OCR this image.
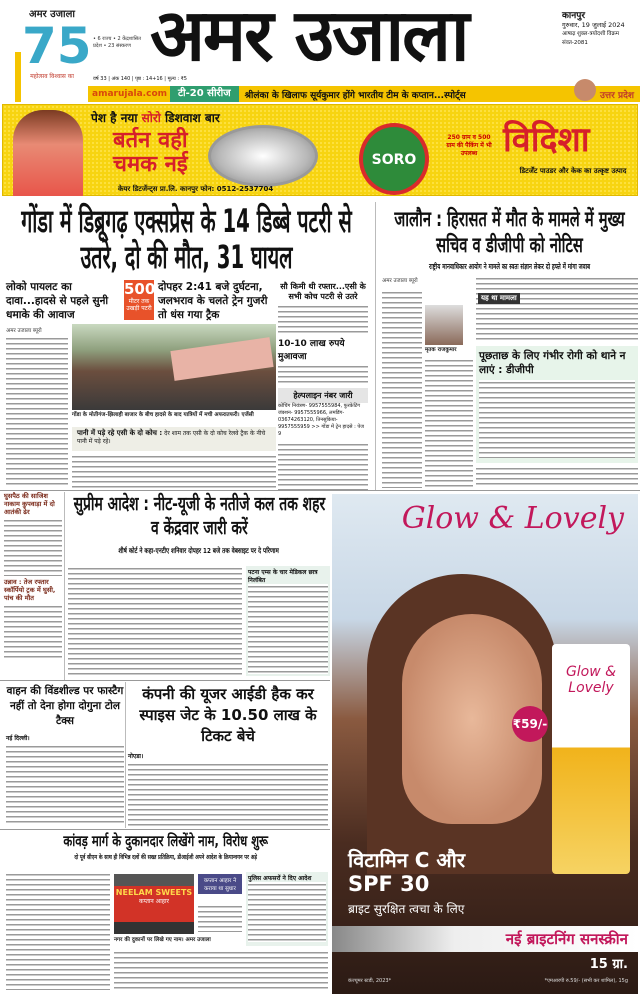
अमर उजाला
75
महोत्सव विश्वास का
• 6 राज्य • 2 केंद्रशासित प्रदेश • 23 संस्करण
वर्ष 33 | अंक 140 | पृष्ठ : 14+16 | मूल्य : ₹5
अमर उजाला	कानपुर
गुरुवार, 19 जुलाई 2024
आषाढ़ शुक्ल-त्रयोदशी विक्रम संवत-2081
amarujala.com	टी-20 सीरीज	श्रीलंका के खिलाफ सूर्यकुमार होंगे भारतीय टीम के कप्तान...स्पोर्ट्स	उत्तर प्रदेश
पेश है नया सोरो डिशवाश बार
बर्तन वही
चमक नई	SORO
250 ग्राम व 500 ग्राम की पैकिंग में भी उपलब्ध विदिशा
डिटर्जेंट पाउडर और केक का उत्कृष्ट उत्पाद
केयर डिटर्जेन्ट्स प्रा.लि. कानपुर फोन: 0512-2537704
गोंडा में डिब्रूगढ़ एक्सप्रेस के 14 डिब्बे पटरी से उतरे, दो की मौत, 31 घायल
लोको पायलट का दावा...हादसे से पहले सुनी धमाके की आवाज
500
मीटर तक उखड़ी पटरी
दोपहर 2:41 बजे दुर्घटना, जलभराव के चलते ट्रेन गुजरी तो धंस गया ट्रैक
अमर उजाला ब्यूरो
गोंडा के मोतीगंज-झिलाही बाजार के बीच हादसे के बाद यात्रियों में मची अफरातफरी। एजेंसी
पानी में पड़े रहे एसी के दो कोच : देर शाम तक एसी के दो कोच रेलवे ट्रैक के नीचे पानी में पड़े रहे।
सौ किमी थी रफ्तार...एसी के सभी कोच पटरी से उतरे
10-10 लाख रुपये मुआवजा
हेल्पलाइन नंबर जारी
कोचिंग नियंत्रण- 9957555984, फुरकेटिंग जंक्शन- 9957555966, लमडिंग- 03674263120, तिनसुकिया- 9957555959 >> गोंडा में ट्रेन हादसे : पेज 9
जालौन : हिरासत में मौत के मामले में मुख्य सचिव व डीजीपी को नोटिस
राष्ट्रीय मानवाधिकार आयोग ने मामले का स्वतः संज्ञान लेकर दो हफ्ते में मांगा जवाब
अमर उजाला ब्यूरो
मृतक राजकुमार
यह था मामला
पूछताछ के लिए गंभीर रोगी को थाने न लाएं : डीजीपी
घुसपैठ की साजिश नाकाम कुपवाड़ा में दो आतंकी ढेर
उन्नाव : तेज रफ्तार स्कॉर्पियो ट्रक में घुसी, पांच की मौत
सुप्रीम आदेश : नीट-यूजी के नतीजे कल तक शहर व केंद्रवार जारी करें
शीर्ष कोर्ट ने कहा-एनटीए शनिवार दोपहर 12 बजे तक वेबसाइट पर दे परिणाम
पटना एम्स के चार मेडिकल छात्र निलंबित
वाहन की विंडशील्ड पर फास्टैग नहीं तो देना होगा दोगुना टोल टैक्स
नई दिल्ली।
कंपनी की यूजर आईडी हैक कर स्पाइस जेट के 10.50 लाख के टिकट बेचे
नोएडा।
कांवड़ मार्ग के दुकानदार लिखेंगे नाम, विरोध शुरू
दो पूर्व सीएम के साथ ही विभिन्न दलों की सख्त प्रतिक्रिया, डीआईजी अपने आदेश के क्रियान्वयन पर अड़े
NEELAM SWEETS
कप्तान आहार
कप्तान आहार ने कराया था सुधार
नगर की दुकानों पर लिखे गए नाम। अमर उजाला
पुलिस अफसरों ने दिए आदेश
Glow & Lovely
Glow & Lovely
₹59/-
विटामिन C और
SPF 30
ब्राइट सुरक्षित त्वचा के लिए
नई ब्राइटनिंग सनस्क्रीन
15 ग्रा.
कंज्यूमर स्टडी, 2023*	*एमआरपी रु.59/- (सभी कर शामिल), 15g
